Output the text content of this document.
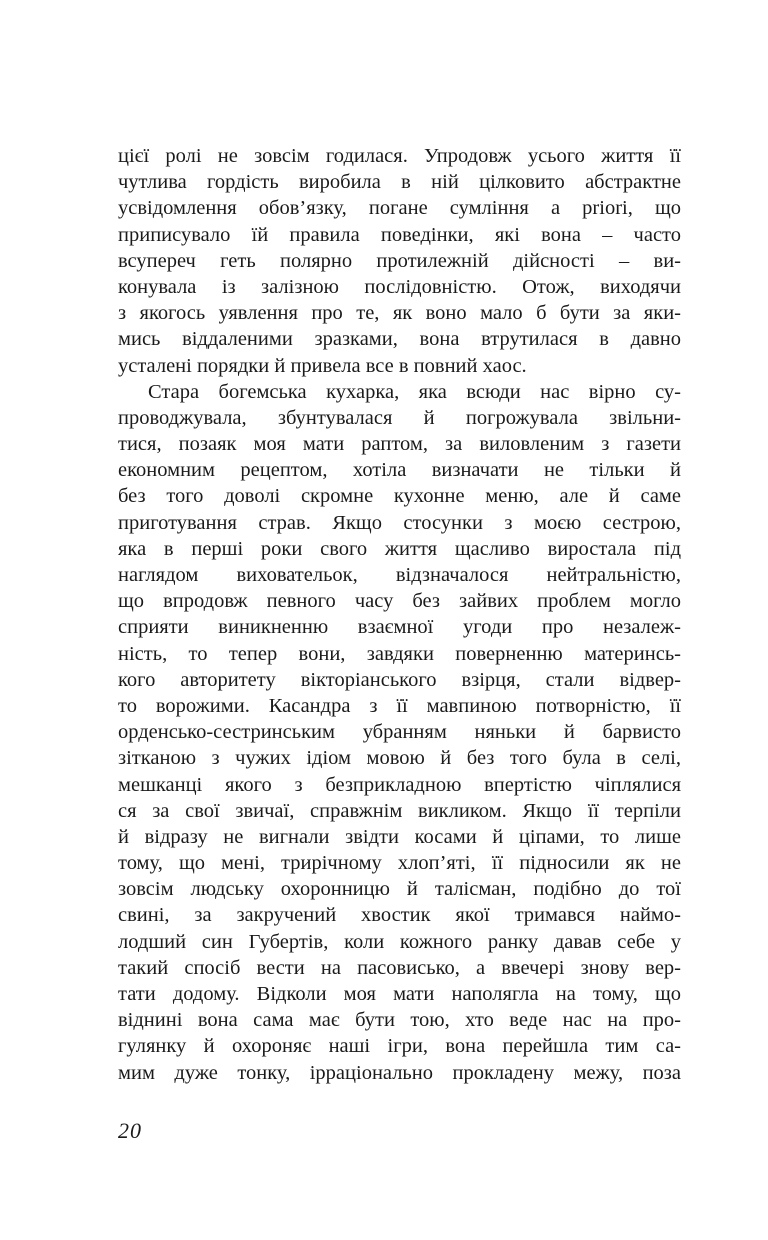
цієї ролі не зовсім годилася. Упродовж усього життя її
чутлива гордість виробила в ній цілковито абстрактне
усвідомлення обов’язку, погане сумління a priori, що
приписувало їй правила поведінки, які вона – часто
всупереч геть полярно протилежній дійсності – ви-
конувала із залізною послідовністю. Отож, виходячи
з якогось уявлення про те, як воно мало б бути за яки-
мись віддаленими зразками, вона втрутилася в давно
усталені порядки й привела все в повний хаос.
Стара богемська кухарка, яка всюди нас вірно су-
проводжувала, збунтувалася й погрожувала звільни-
тися, позаяк моя мати раптом, за виловленим з газети
економним рецептом, хотіла визначати не тільки й
без того доволі скромне кухонне меню, але й саме
приготування страв. Якщо стосунки з моєю сестрою,
яка в перші роки свого життя щасливо виростала під
наглядом виховательок, відзначалося нейтральністю,
що впродовж певного часу без зайвих проблем могло
сприяти виникненню взаємної угоди про незалеж-
ність, то тепер вони, завдяки поверненню материнсь-
кого авторитету вікторіанського взірця, стали відвер-
то ворожими. Касандра з її мавпиною потворністю, її
орденсько-сестринським убранням няньки й барвисто
зітканою з чужих ідіом мовою й без того була в селі,
мешканці якого з безприкладною впертістю чіплялися
ся за свої звичаї, справжнім викликом. Якщо її терпіли
й відразу не вигнали звідти косами й ціпами, то лише
тому, що мені, трирічному хлоп’яті, її підносили як не
зовсім людську охоронницю й талісман, подібно до тої
свині, за закручений хвостик якої тримався наймо-
лодший син Губертів, коли кожного ранку давав себе у
такий спосіб вести на пасовисько, а ввечері знову вер-
тати додому. Відколи моя мати наполягла на тому, що
віднині вона сама має бути тою, хто веде нас на про-
гулянку й охороняє наші ігри, вона перейшла тим са-
мим дуже тонку, ірраціонально прокладену межу, поза
20
